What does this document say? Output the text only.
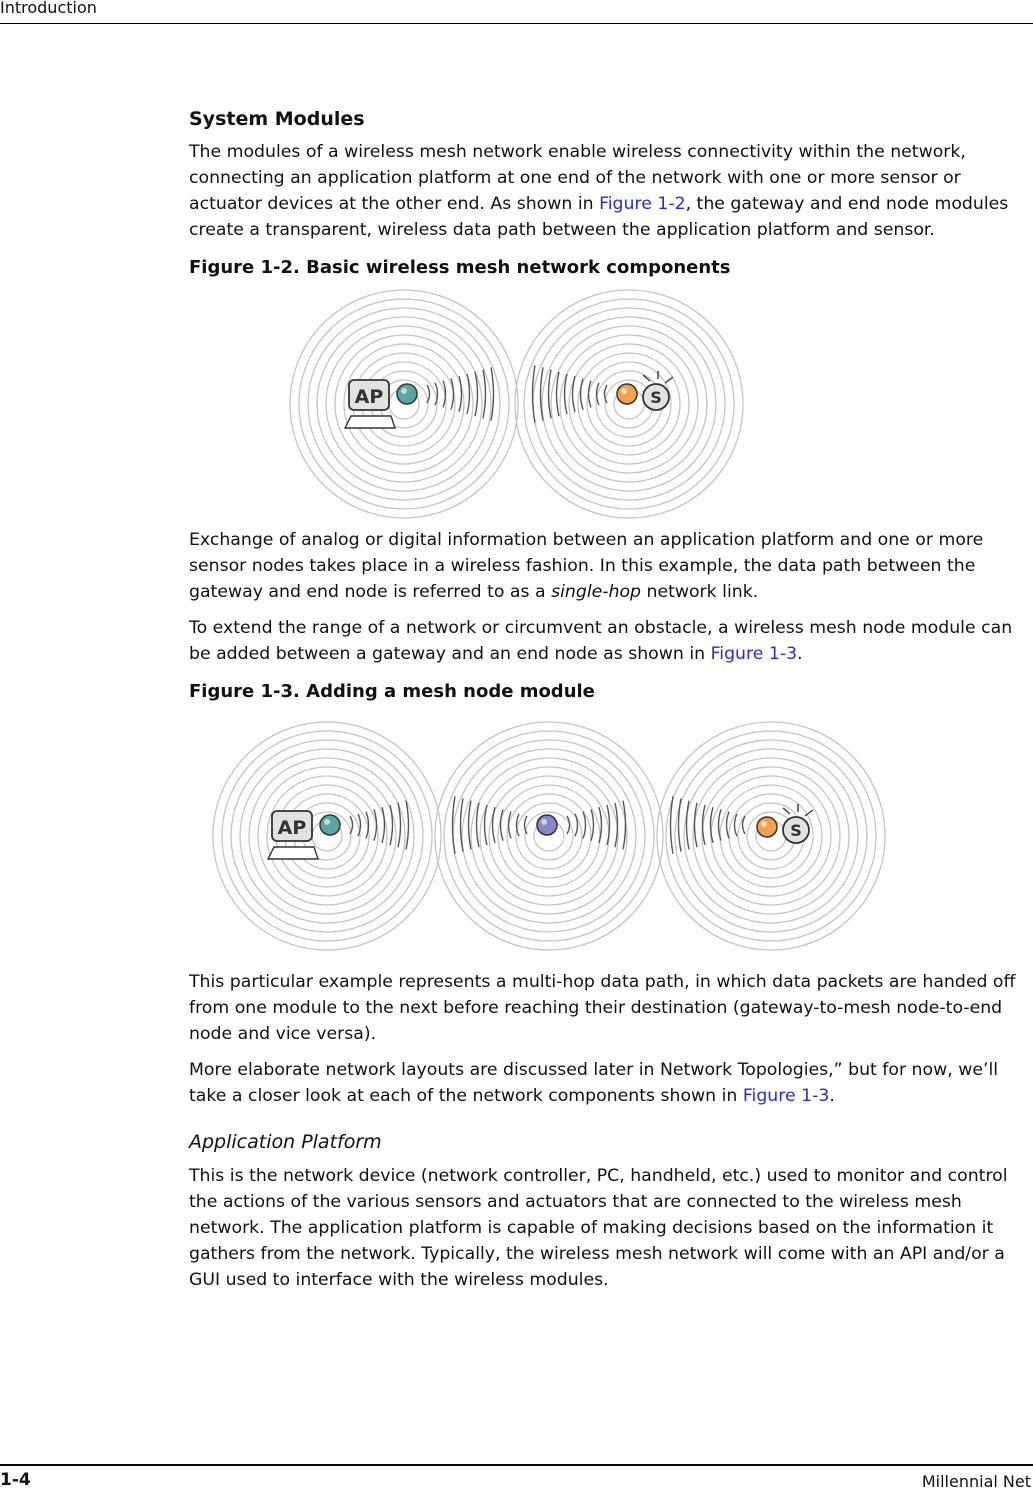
Introduction
System Modules

The modules of a wireless mesh network enable wireless connectivity within the network, connecting an application platform at one end of the network with one or more sensor or actuator devices at the other end. As shown in Figure 1-2, the gateway and end node modules create a transparent, wireless data path between the application platform and sensor.

Figure 1-2. Basic wireless mesh network components
AP	S

Exchange of analog or digital information between an application platform and one or more sensor nodes takes place in a wireless fashion. In this example, the data path between the gateway and end node is referred to as a single-hop network link.

To extend the range of a network or circumvent an obstacle, a wireless mesh node module can be added between a gateway and an end node as shown in Figure 1-3.

Figure 1-3. Adding a mesh node module
AP	S

This particular example represents a multi-hop data path, in which data packets are handed off from one module to the next before reaching their destination (gateway-to-mesh node-to-end node and vice versa).

More elaborate network layouts are discussed later in Network Topologies,” but for now, we’ll take a closer look at each of the network components shown in Figure 1-3.

Application Platform

This is the network device (network controller, PC, handheld, etc.) used to monitor and control the actions of the various sensors and actuators that are connected to the wireless mesh network. The application platform is capable of making decisions based on the information it gathers from the network. Typically, the wireless mesh network will come with an API and/or a GUI used to interface with the wireless modules.

1-4	Millennial Net
